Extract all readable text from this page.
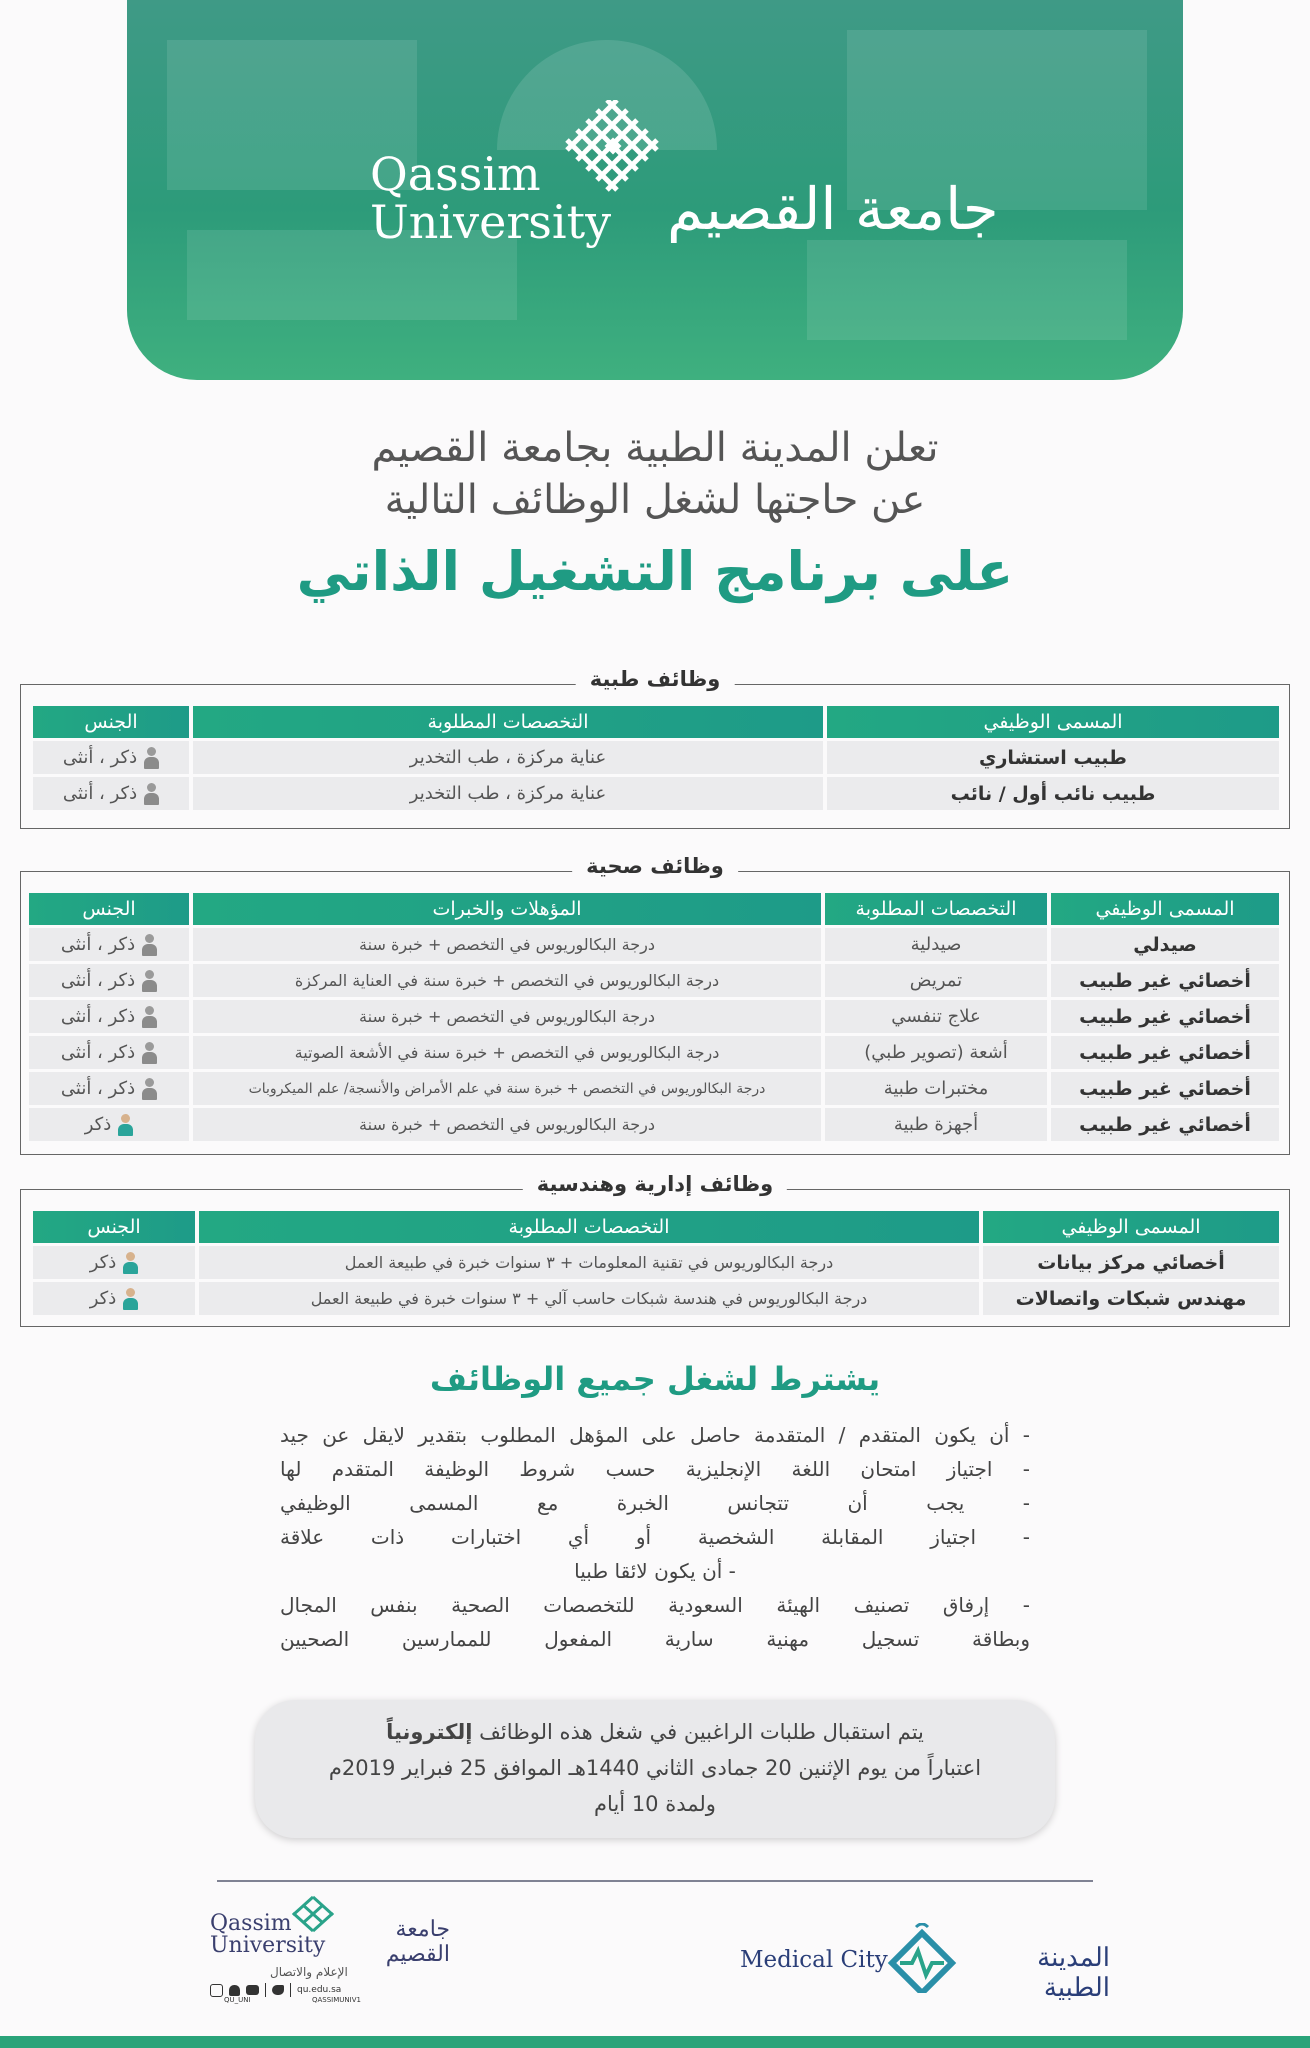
Qassim
University جامعة القصيم
تعلن المدينة الطبية بجامعة القصيم
عن حاجتها لشغل الوظائف التالية
على برنامج التشغيل الذاتي
وظائف طبية
المسمى الوظيفي	التخصصات المطلوبة	الجنس
طبيب استشاري	عناية مركزة ، طب التخدير	ذكر ، أنثى

طبيب نائب أول / نائب	عناية مركزة ، طب التخدير	ذكر ، أنثى
وظائف صحية
المسمى الوظيفي	التخصصات المطلوبة	المؤهلات والخبرات	الجنس
صيدلي	صيدلية	درجة البكالوريوس في التخصص + خبرة سنة	ذكر ، أنثى

أخصائي غير طبيب	تمريض	درجة البكالوريوس في التخصص + خبرة سنة في العناية المركزة	ذكر ، أنثى

أخصائي غير طبيب	علاج تنفسي	درجة البكالوريوس في التخصص + خبرة سنة	ذكر ، أنثى

أخصائي غير طبيب	أشعة (تصوير طبي)	درجة البكالوريوس في التخصص + خبرة سنة في الأشعة الصوتية	ذكر ، أنثى

أخصائي غير طبيب	مختبرات طبية	درجة البكالوريوس في التخصص + خبرة سنة في علم الأمراض والأنسجة/ علم الميكروبات	ذكر ، أنثى

أخصائي غير طبيب	أجهزة طبية	درجة البكالوريوس في التخصص + خبرة سنة	ذكر
وظائف إدارية وهندسية
المسمى الوظيفي	التخصصات المطلوبة	الجنس
أخصائي مركز بيانات	درجة البكالوريوس في تقنية المعلومات + ٣ سنوات خبرة في طبيعة العمل	ذكر

مهندس شبكات واتصالات	درجة البكالوريوس في هندسة شبكات حاسب آلي + ٣ سنوات خبرة في طبيعة العمل	ذكر
يشترط لشغل جميع الوظائف
- أن يكون المتقدم / المتقدمة حاصل على المؤهل المطلوب بتقدير لايقل عن جيد
- اجتياز امتحان اللغة الإنجليزية حسب شروط الوظيفة المتقدم لها
- يجب أن تتجانس الخبرة مع المسمى الوظيفي
- اجتياز المقابلة الشخصية أو أي اختبارات ذات علاقة
- أن يكون لائقا طبيا
- إرفاق تصنيف الهيئة السعودية للتخصصات الصحية بنفس المجال
وبطاقة تسجيل مهنية سارية المفعول للممارسين الصحيين
يتم استقبال طلبات الراغبين في شغل هذه الوظائف إلكترونياً
اعتباراً من يوم الإثنين 20 جمادى الثاني 1440هـ الموافق 25 فبراير 2019م
ولمدة 10 أيام
Qassim
University
جامعة القصيم
الإعلام والاتصال
qu.edu.sa
QU_UNI	QASSIMUNIV1
Medical City	المدينة الطبية
